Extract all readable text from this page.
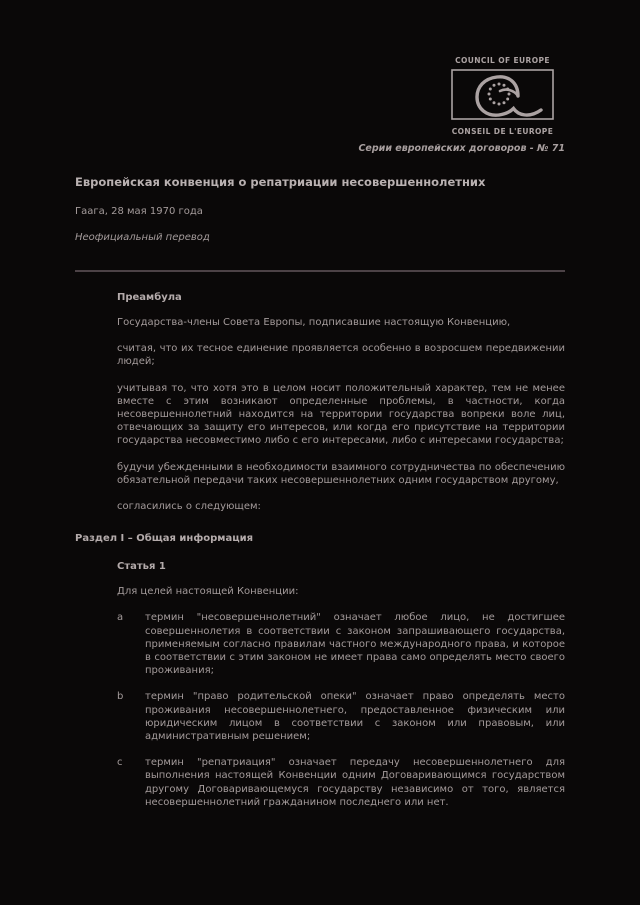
COUNCIL OF EUROPE
CONSEIL DE L'EUROPE
Серии европейских договоров - № 71
Европейская конвенция о репатриации несовершеннолетних
Гаага, 28 мая 1970 года
Неофициальный перевод
Преамбула

Государства-члены Совета Европы, подписавшие настоящую Конвенцию,

считая, что их тесное единение проявляется особенно в возросшем передвижении людей;

учитывая то, что хотя это в целом носит положительный характер, тем не менее вместе с этим возникают определенные проблемы, в частности, когда несовершеннолетний находится на территории государства вопреки воле лиц, отвечающих за защиту его интересов, или когда его присутствие на территории государства несовместимо либо с его интересами, либо с интересами государства;

будучи убежденными в необходимости взаимного сотрудничества по обеспечению обязательной передачи таких несовершеннолетних одним государством другому,

согласились о следующем:

Раздел I – Общая информация
Статья 1

Для целей настоящей Конвенции:

a	термин "несовершеннолетний" означает любое лицо, не достигшее совершеннолетия в соответствии с законом запрашивающего государства, применяемым согласно правилам частного международного права, и которое в соответствии с этим законом не имеет права само определять место своего проживания;
b	термин "право родительской опеки" означает право определять место проживания несовершеннолетнего, предоставленное физическим или юридическим лицом в соответствии с законом или правовым, или административным решением;
c	термин "репатриация" означает передачу несовершеннолетнего для выполнения настоящей Конвенции одним Договаривающимся государством другому Договаривающемуся государству независимо от того, является несовершеннолетний гражданином последнего или нет.
